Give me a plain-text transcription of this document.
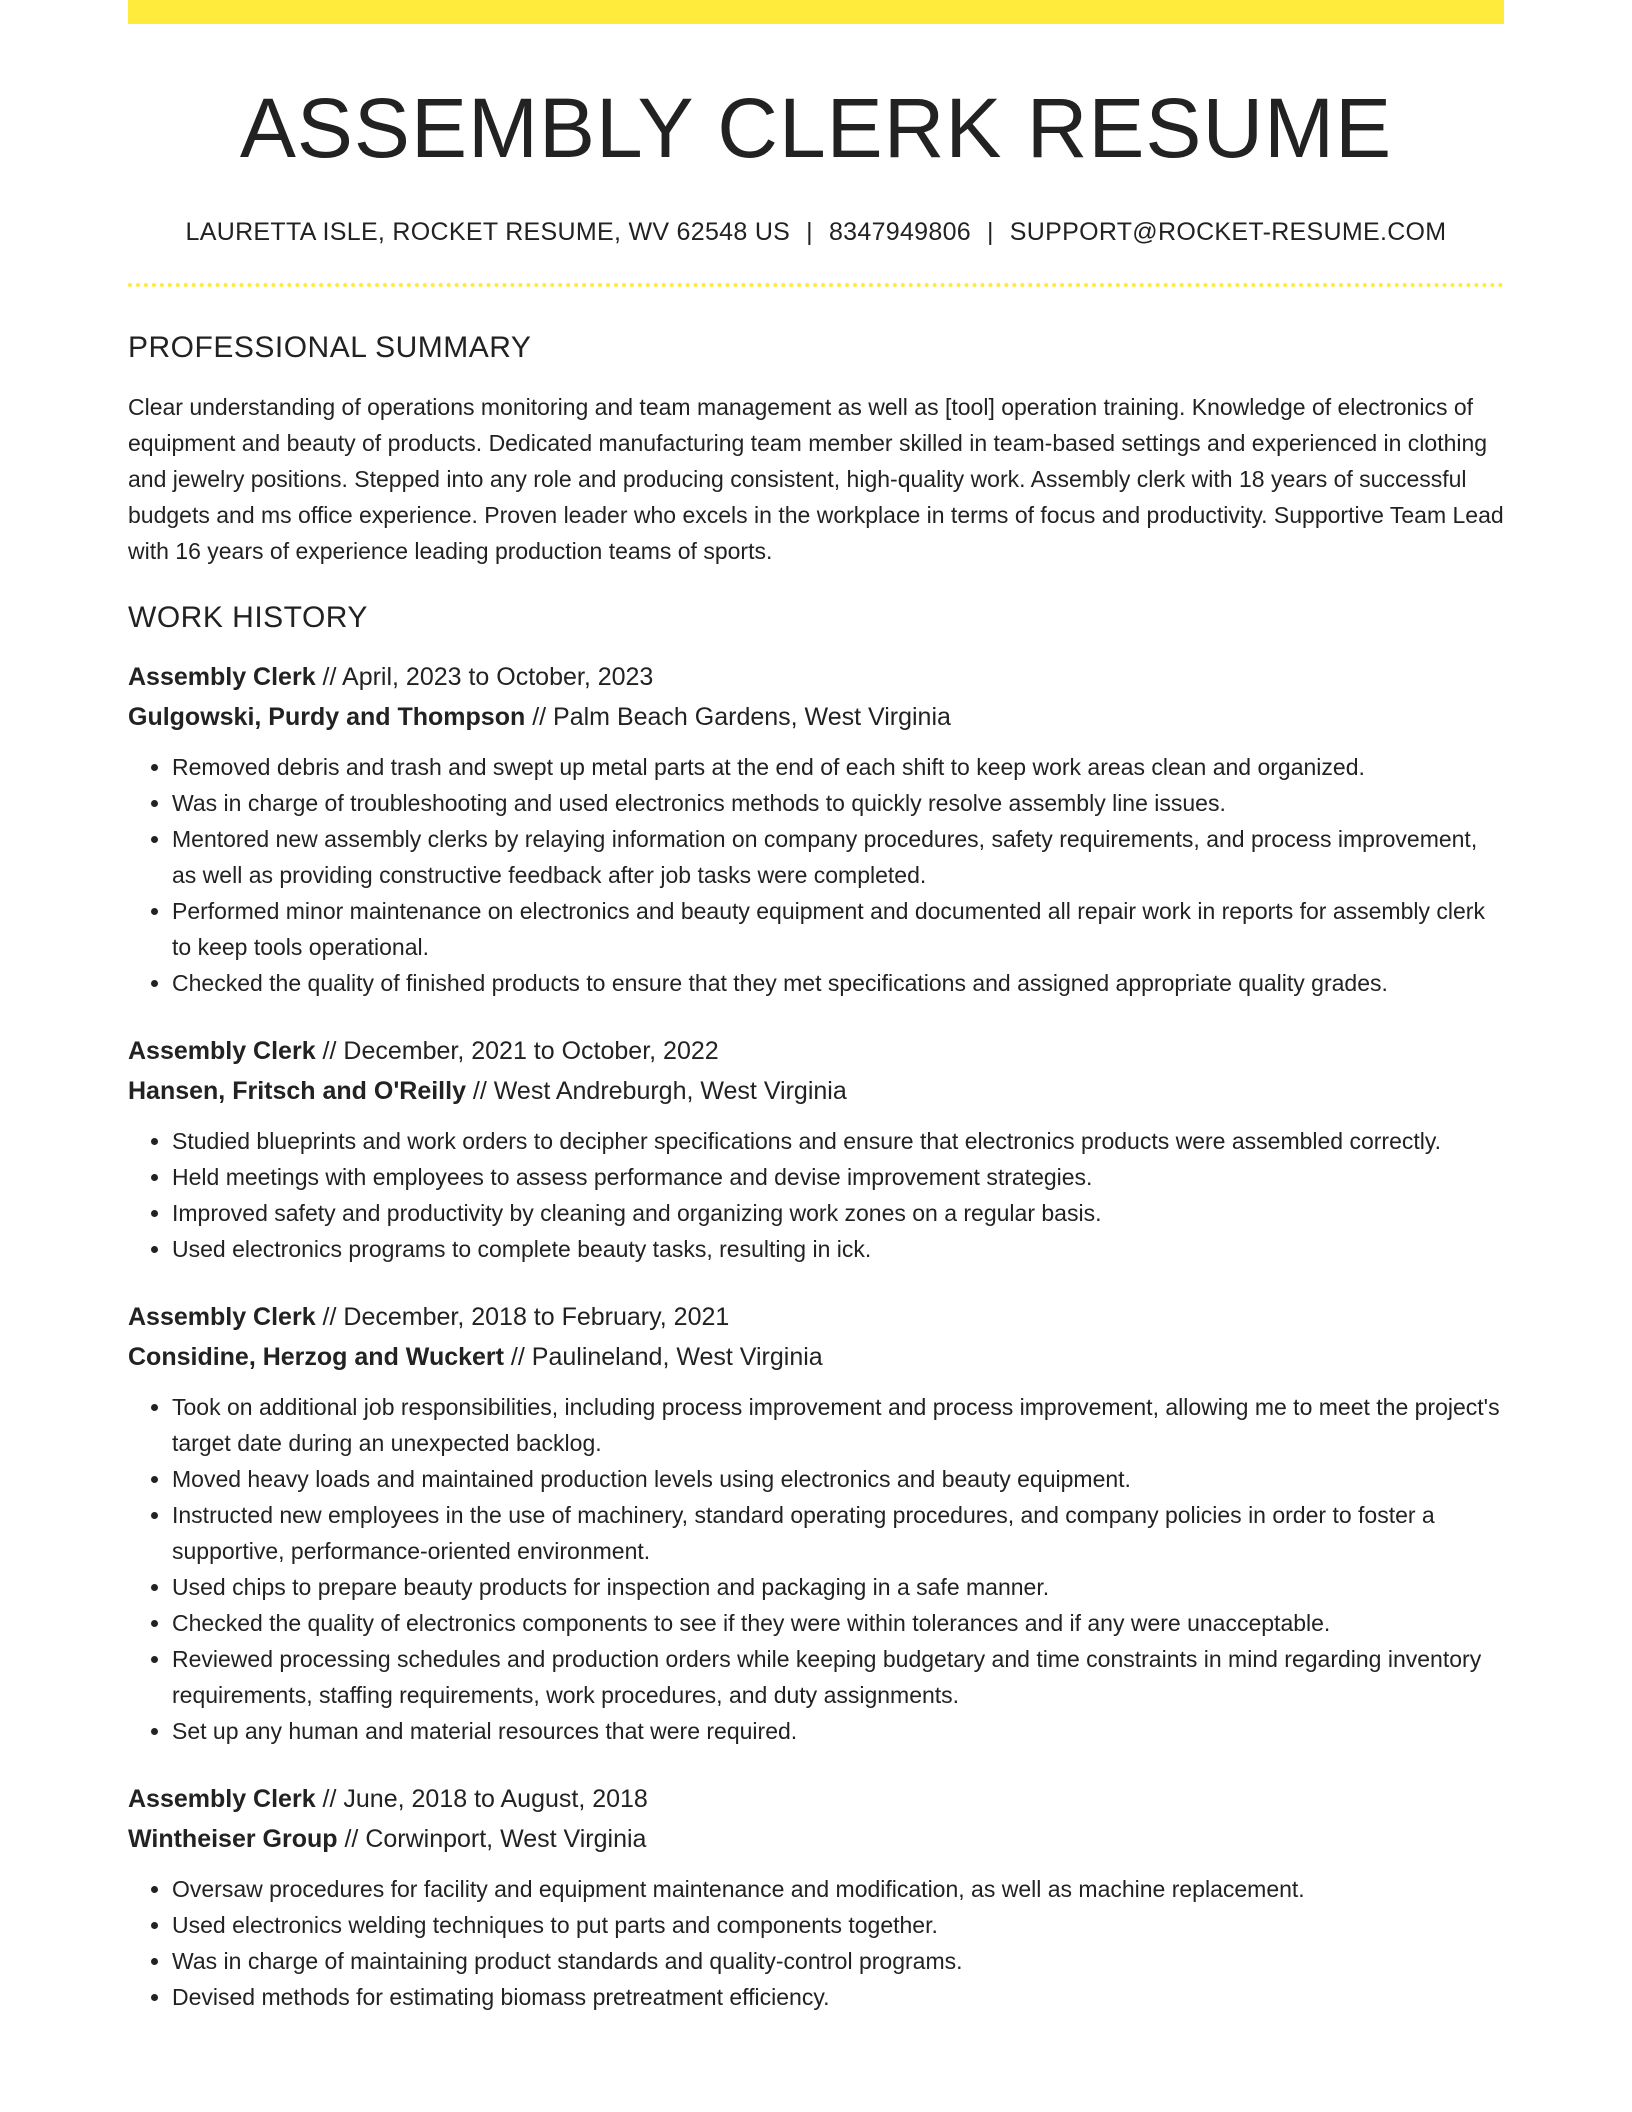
ASSEMBLY CLERK RESUME
LAURETTA ISLE, ROCKET RESUME, WV 62548 US | 8347949806 | SUPPORT@ROCKET-RESUME.COM
PROFESSIONAL SUMMARY
Clear understanding of operations monitoring and team management as well as [tool] operation training. Knowledge of electronics of equipment and beauty of products. Dedicated manufacturing team member skilled in team-based settings and experienced in clothing and jewelry positions. Stepped into any role and producing consistent, high-quality work. Assembly clerk with 18 years of successful budgets and ms office experience. Proven leader who excels in the workplace in terms of focus and productivity. Supportive Team Lead with 16 years of experience leading production teams of sports.
WORK HISTORY
Assembly Clerk // April, 2023 to October, 2023
Gulgowski, Purdy and Thompson // Palm Beach Gardens, West Virginia
• Removed debris and trash and swept up metal parts at the end of each shift to keep work areas clean and organized.
• Was in charge of troubleshooting and used electronics methods to quickly resolve assembly line issues.
• Mentored new assembly clerks by relaying information on company procedures, safety requirements, and process improvement, as well as providing constructive feedback after job tasks were completed.
• Performed minor maintenance on electronics and beauty equipment and documented all repair work in reports for assembly clerk to keep tools operational.
• Checked the quality of finished products to ensure that they met specifications and assigned appropriate quality grades.
Assembly Clerk // December, 2021 to October, 2022
Hansen, Fritsch and O'Reilly // West Andreburgh, West Virginia
• Studied blueprints and work orders to decipher specifications and ensure that electronics products were assembled correctly.
• Held meetings with employees to assess performance and devise improvement strategies.
• Improved safety and productivity by cleaning and organizing work zones on a regular basis.
• Used electronics programs to complete beauty tasks, resulting in ick.
Assembly Clerk // December, 2018 to February, 2021
Considine, Herzog and Wuckert // Paulineland, West Virginia
• Took on additional job responsibilities, including process improvement and process improvement, allowing me to meet the project's target date during an unexpected backlog.
• Moved heavy loads and maintained production levels using electronics and beauty equipment.
• Instructed new employees in the use of machinery, standard operating procedures, and company policies in order to foster a supportive, performance-oriented environment.
• Used chips to prepare beauty products for inspection and packaging in a safe manner.
• Checked the quality of electronics components to see if they were within tolerances and if any were unacceptable.
• Reviewed processing schedules and production orders while keeping budgetary and time constraints in mind regarding inventory requirements, staffing requirements, work procedures, and duty assignments.
• Set up any human and material resources that were required.
Assembly Clerk // June, 2018 to August, 2018
Wintheiser Group // Corwinport, West Virginia
• Oversaw procedures for facility and equipment maintenance and modification, as well as machine replacement.
• Used electronics welding techniques to put parts and components together.
• Was in charge of maintaining product standards and quality-control programs.
• Devised methods for estimating biomass pretreatment efficiency.
